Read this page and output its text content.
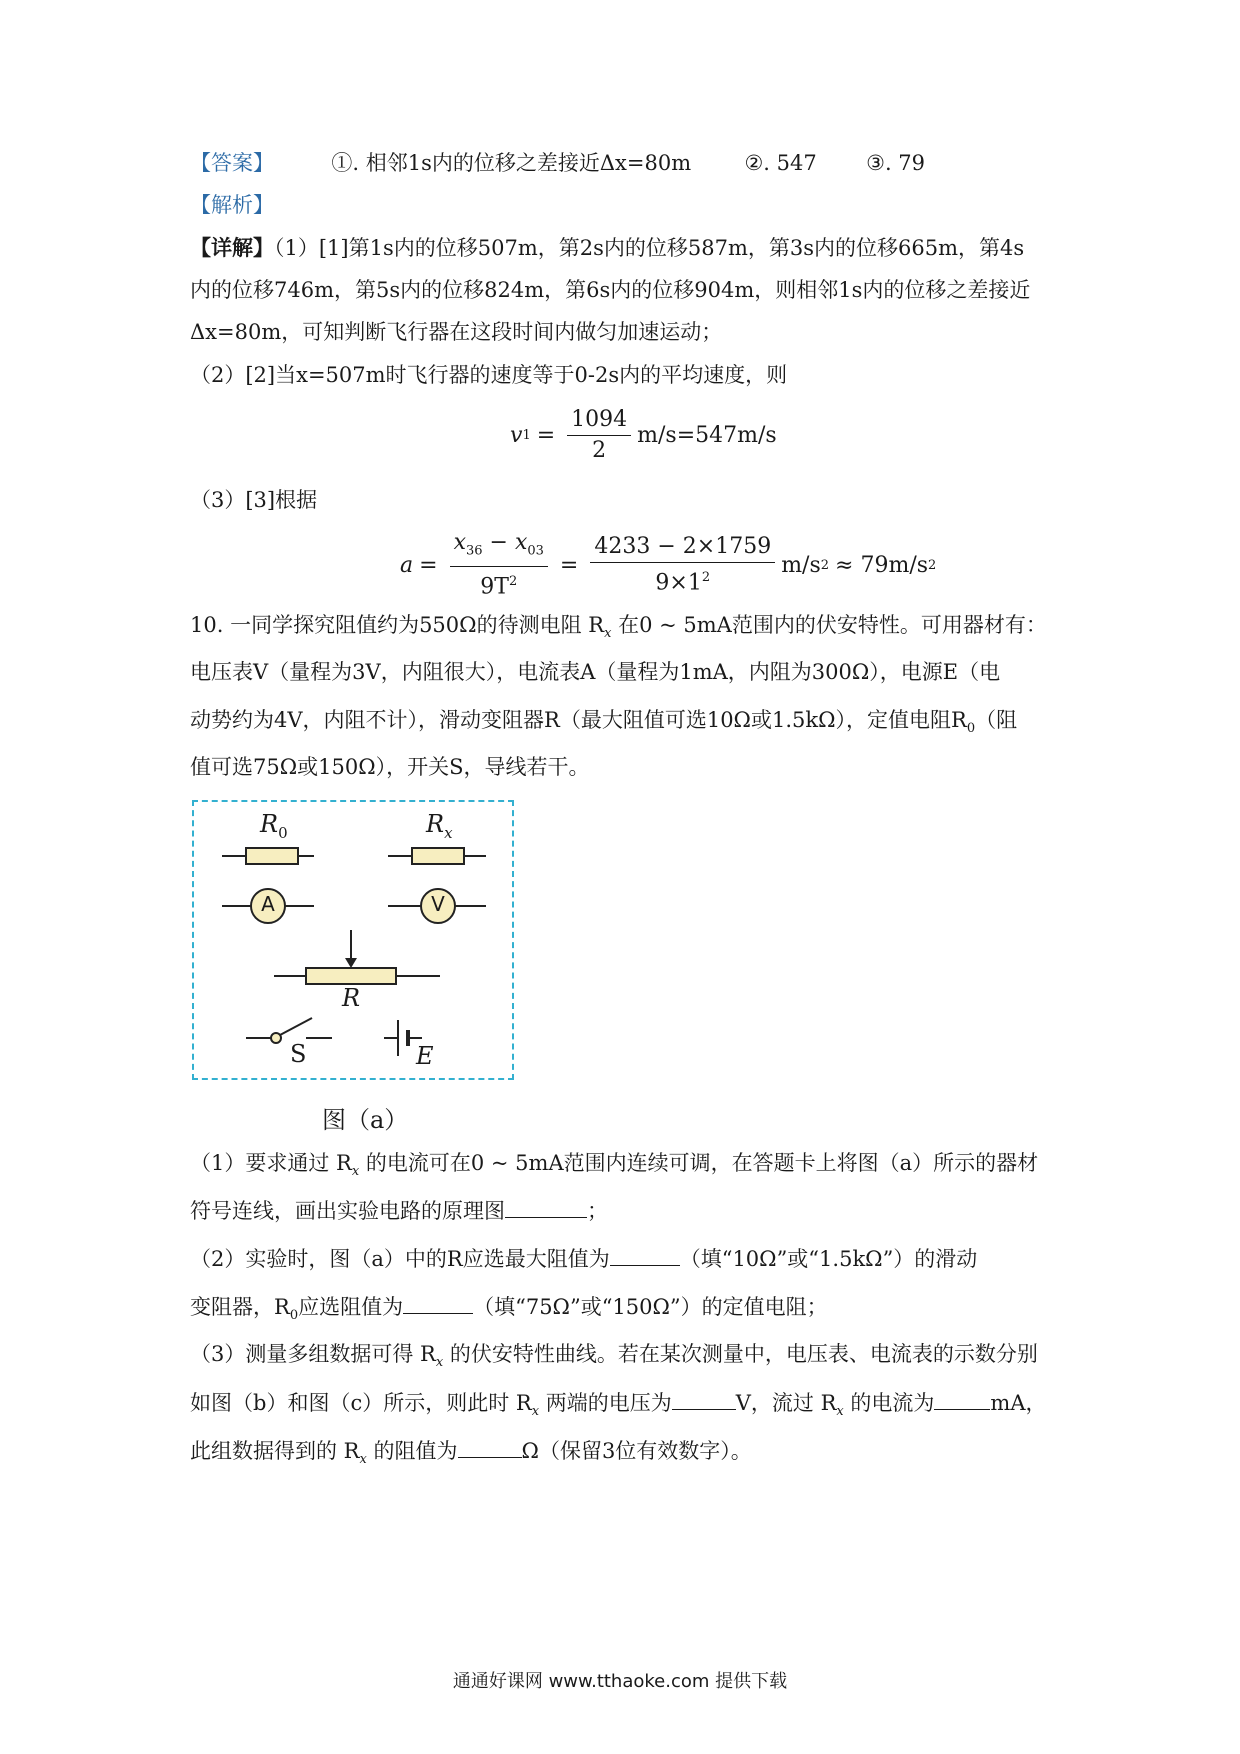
【答案】	①. 相邻1s内的位移之差接近Δx=80m	②. 547 ③. 79
【解析】
【详解】（1）[1]第1s内的位移507m，第2s内的位移587m，第3s内的位移665m，第4s
内的位移746m，第5s内的位移824m，第6s内的位移904m，则相邻1s内的位移之差接近
Δx=80m，可知判断飞行器在这段时间内做匀加速运动；
（2）[2]当x=507m时飞行器的速度等于0-2s内的平均速度，则
v $1 = \frac{1094}{2} m/s=547m/s$
（3）[3]根据
$a = \frac{x_{36} - x_{03}}{9T^2} = \frac{4233 - 2\times 1759}{9\times 1^2} m/s$ 2 ≈ 79m/s 2
10. 一同学探究阻值约为550Ω的待测电阻 $R_x$ 在0 ~ 5mA范围内的伏安特性。可用器材有：
电压表V（量程为3V，内阻很大），电流表A（量程为1mA，内阻为300Ω），电源E（电
动势约为4V，内阻不计），滑动变阻器R（最大阻值可选10Ω或1.5kΩ），定值电阻$R_0$（阻
值可选75Ω或150Ω），开关S，导线若干。
$R_0$	$R_x$
A	V
R
S	E
图（a）
（1）要求通过 $R_x$ 的电流可在0 ~ 5mA范围内连续可调，在答题卡上将图（a）所示的器材
符号连线，画出实验电路的原理图	；
（2）实验时，图（a）中的R应选最大阻值为	（填“10Ω”或“1.5kΩ”）的滑动
变阻器，$R_0$应选阻值为	（填“75Ω”或“150Ω”）的定值电阻；
（3）测量多组数据可得 $R_x$ 的伏安特性曲线。若在某次测量中，电压表、电流表的示数分别
如图（b）和图（c）所示，则此时 $R_x$ 两端的电压为	V，流过 $R_x$ 的电流为	mA，
此组数据得到的 $R_x$ 的阻值为	Ω（保留3位有效数字）。
通通好课网 www.tthaoke.com 提供下载
